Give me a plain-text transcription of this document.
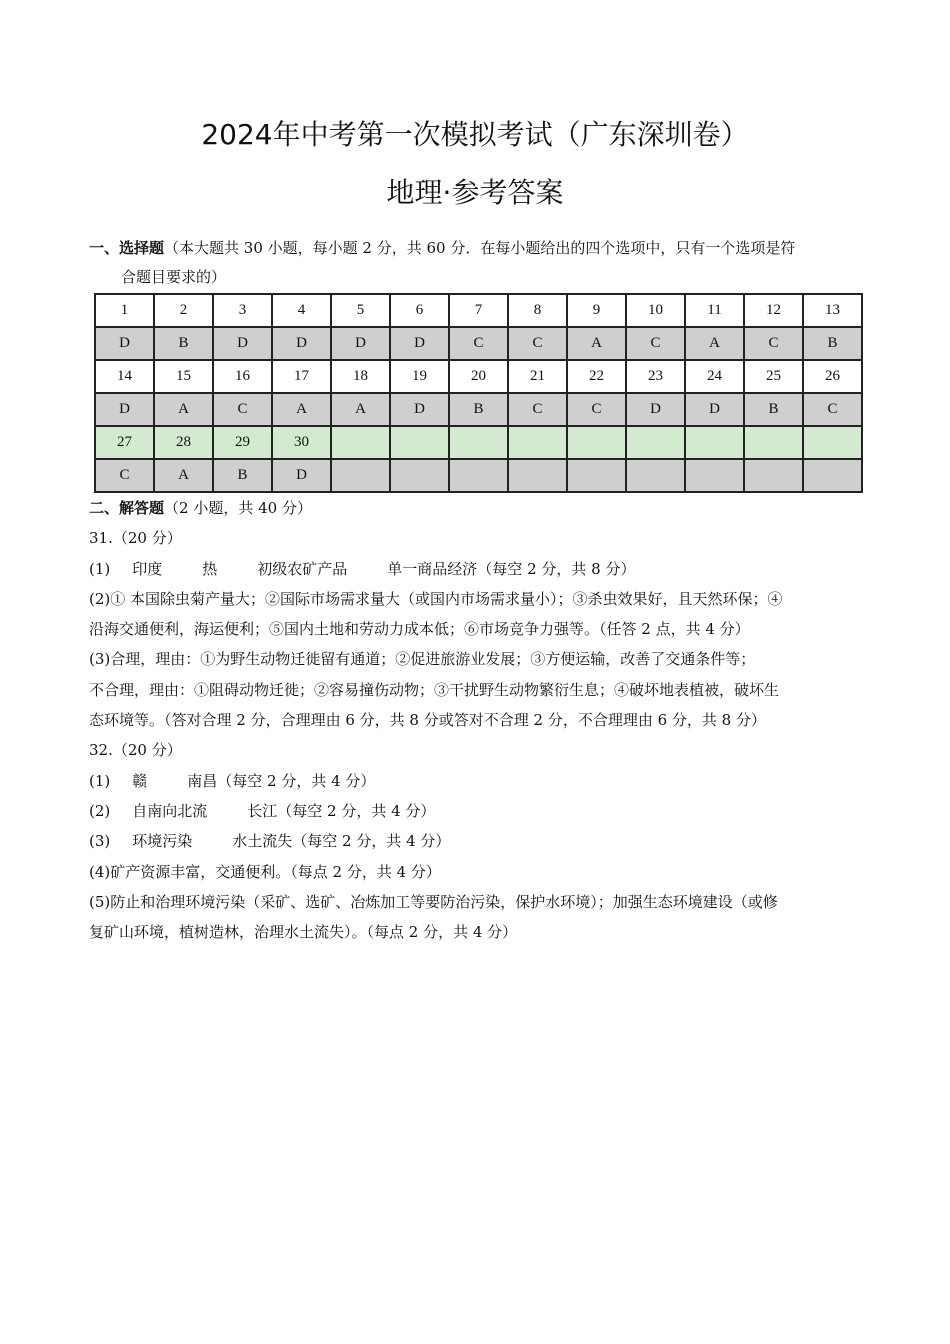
2024年中考第一次模拟考试（广东深圳卷）
地理·参考答案
一、选择题（本大题共 30 小题，每小题 2 分，共 60 分．在每小题给出的四个选项中，只有一个选项是符
合题目要求的）
1	2	3	4	5	6	7	8	9	10	11	12	13
D	B	D	D	D	D	C	C	A	C	A	C	B
14	15	16	17	18	19	20	21	22	23	24	25	26
D	A	C	A	A	D	B	C	C	D	D	B	C
27	28	29	30									
C	A	B	D									

二、解答题（2 小题，共 40 分）

31.（20 分）

(1) 印度	热	初级农矿产品	单一商品经济（每空 2 分，共 8 分）

(2)① 本国除虫菊产量大；②国际市场需求量大（或国内市场需求量小）；③杀虫效果好，且天然环保；④

沿海交通便利，海运便利；⑤国内土地和劳动力成本低；⑥市场竞争力强等。（任答 2 点，共 4 分）

(3)合理，理由：①为野生动物迁徙留有通道；②促进旅游业发展；③方便运输，改善了交通条件等；

不合理，理由：①阻碍动物迁徙；②容易撞伤动物；③干扰野生动物繁衍生息；④破坏地表植被，破坏生

态环境等。（答对合理 2 分，合理理由 6 分，共 8 分或答对不合理 2 分，不合理理由 6 分，共 8 分）

32.（20 分）

(1) 赣	南昌（每空 2 分，共 4 分）

(2) 自南向北流	长江（每空 2 分，共 4 分）

(3) 环境污染	水土流失（每空 2 分，共 4 分）

(4)矿产资源丰富，交通便利。（每点 2 分，共 4 分）

(5)防止和治理环境污染（采矿、选矿、冶炼加工等要防治污染，保护水环境）；加强生态环境建设（或修

复矿山环境，植树造林，治理水土流失）。（每点 2 分，共 4 分）
